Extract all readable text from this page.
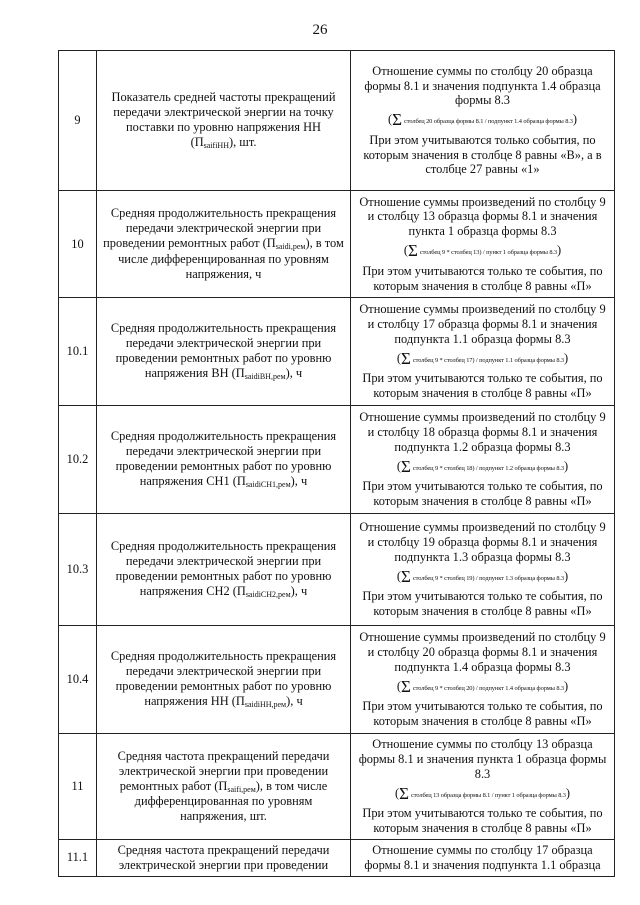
26
9	Показатель средней частоты прекращений передачи электрической энергии на точку поставки по уровню напряжения НН $(П_{saifiНН})$, шт.	Отношение суммы по столбцу 20 образца формы 8.1 и значения подпункта 1.4 образца формы 8.3
(Σ столбец 20 образца формы 8.1 / подпункт 1.4 образца формы 8.3)
При этом учитываются только события, по которым значения в столбце 8 равны «В», а в столбце 27 равны «1»

10	Средняя продолжительность прекращения передачи электрической энергии при проведении ремонтных работ $(П_{saidi,рем})$, в том числе дифференцированная по уровням напряжения, ч	Отношение суммы произведений по столбцу 9 и столбцу 13 образца формы 8.1 и значения пункта 1 образца формы 8.3
(Σ столбец 9 * столбец 13) / пункт 1 образца формы 8.3)
При этом учитываются только те события, по которым значения в столбце 8 равны «П»

10.1	Средняя продолжительность прекращения передачи электрической энергии при проведении ремонтных работ по уровню напряжения ВН $(П_{saidiВН,рем})$, ч	Отношение суммы произведений по столбцу 9 и столбцу 17 образца формы 8.1 и значения подпункта 1.1 образца формы 8.3
(Σ столбец 9 * столбец 17) / подпункт 1.1 образца формы 8.3)
При этом учитываются только те события, по которым значения в столбце 8 равны «П»

10.2	Средняя продолжительность прекращения передачи электрической энергии при проведении ремонтных работ по уровню напряжения СН1 $(П_{saidiСН1,рем})$, ч	Отношение суммы произведений по столбцу 9 и столбцу 18 образца формы 8.1 и значения подпункта 1.2 образца формы 8.3
(Σ столбец 9 * столбец 18) / подпункт 1.2 образца формы 8.3)
При этом учитываются только те события, по которым значения в столбце 8 равны «П»

10.3	Средняя продолжительность прекращения передачи электрической энергии при проведении ремонтных работ по уровню напряжения СН2 $(П_{saidiСН2,рем})$, ч	Отношение суммы произведений по столбцу 9 и столбцу 19 образца формы 8.1 и значения подпункта 1.3 образца формы 8.3
(Σ столбец 9 * столбец 19) / подпункт 1.3 образца формы 8.3)
При этом учитываются только те события, по которым значения в столбце 8 равны «П»

10.4	Средняя продолжительность прекращения передачи электрической энергии при проведении ремонтных работ по уровню напряжения НН $(П_{saidiНН,рем})$, ч	Отношение суммы произведений по столбцу 9 и столбцу 20 образца формы 8.1 и значения подпункта 1.4 образца формы 8.3
(Σ столбец 9 * столбец 20) / подпункт 1.4 образца формы 8.3)
При этом учитываются только те события, по которым значения в столбце 8 равны «П»

11	Средняя частота прекращений передачи электрической энергии при проведении ремонтных работ $(П_{saifi,рем})$, в том числе дифференцированная по уровням напряжения, шт.	Отношение суммы по столбцу 13 образца формы 8.1 и значения пункта 1 образца формы 8.3
(Σ столбец 13 образца формы 8.1 / пункт 1 образца формы 8.3)
При этом учитываются только те события, по которым значения в столбце 8 равны «П»

11.1	Средняя частота прекращений передачи электрической энергии при проведении	Отношение суммы по столбцу 17 образца формы 8.1 и значения подпункта 1.1 образца
